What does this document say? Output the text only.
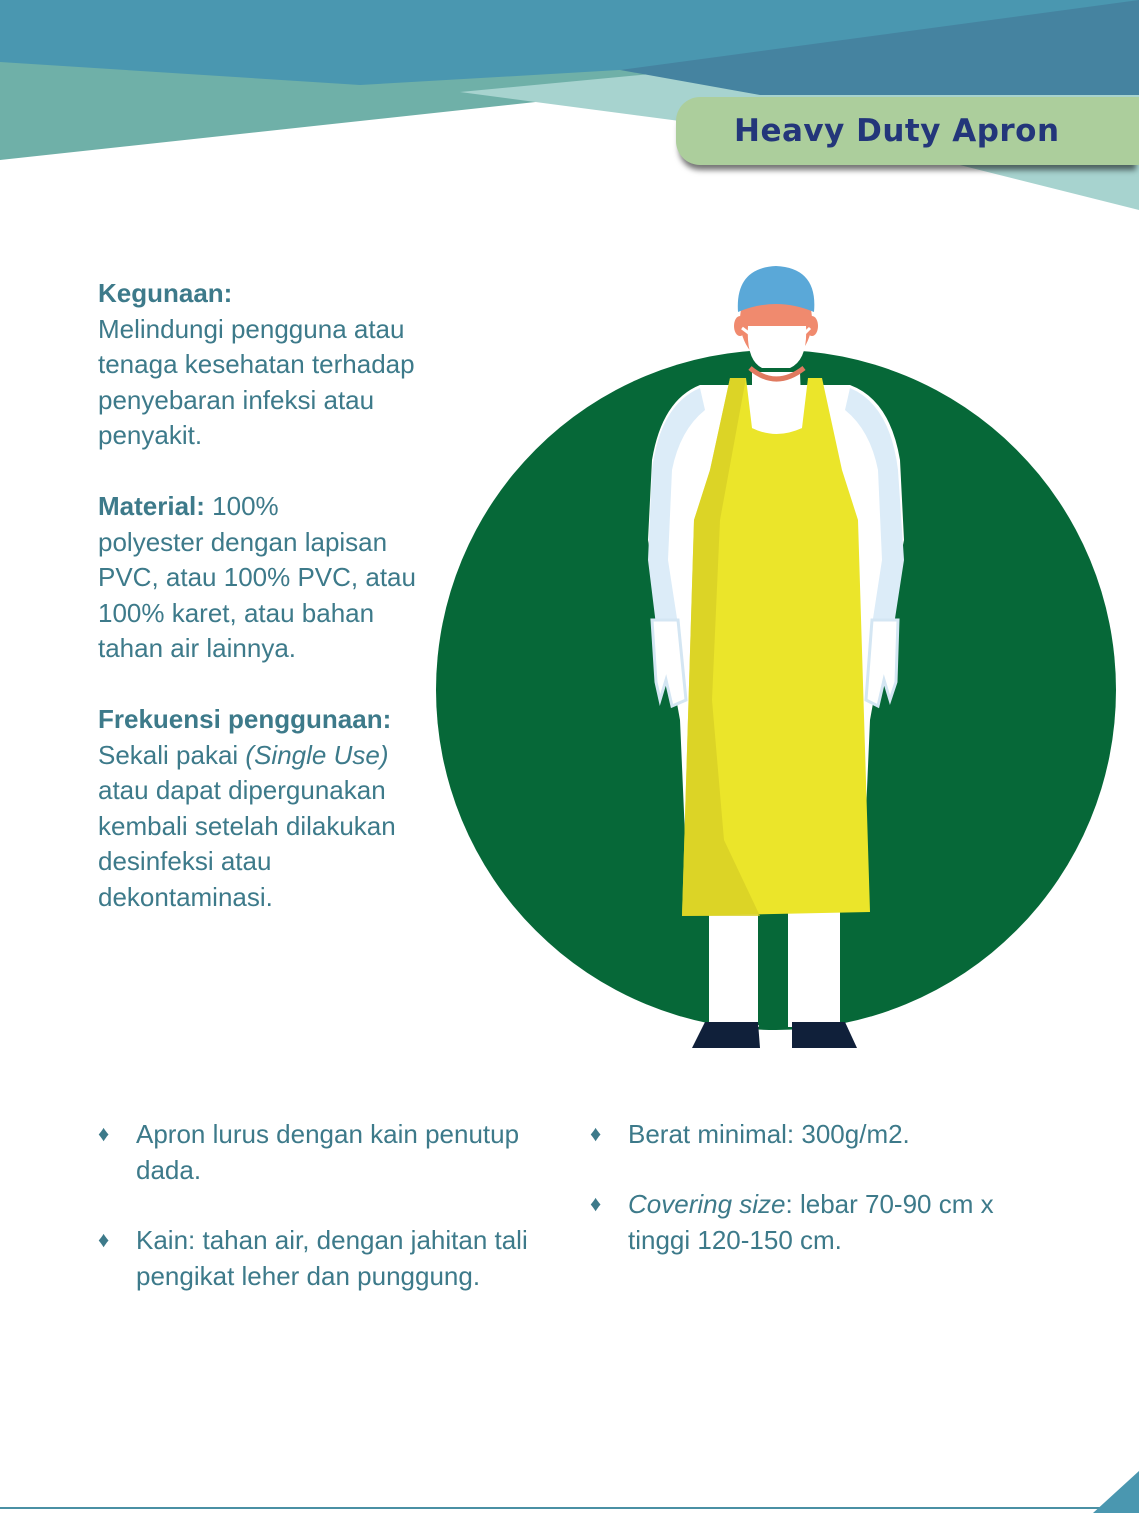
Heavy Duty Apron

Kegunaan:

Melindungi pengguna atau tenaga kesehatan terhadap penyebaran infeksi atau penyakit.

Material: 100%

polyester dengan lapisan PVC, atau 100% PVC, atau 100% karet, atau bahan tahan air lainnya.

Frekuensi penggunaan:

Sekali pakai (Single Use) atau dapat dipergunakan kembali setelah dilakukan desinfeksi atau dekontaminasi.

♦	Apron lurus dengan kain penutup dada.
♦	Kain: tahan air, dengan jahitan tali pengikat leher dan punggung.
♦	Berat minimal: 300g/m2.
♦	Covering size: lebar 70-90 cm x tinggi 120-150 cm.
